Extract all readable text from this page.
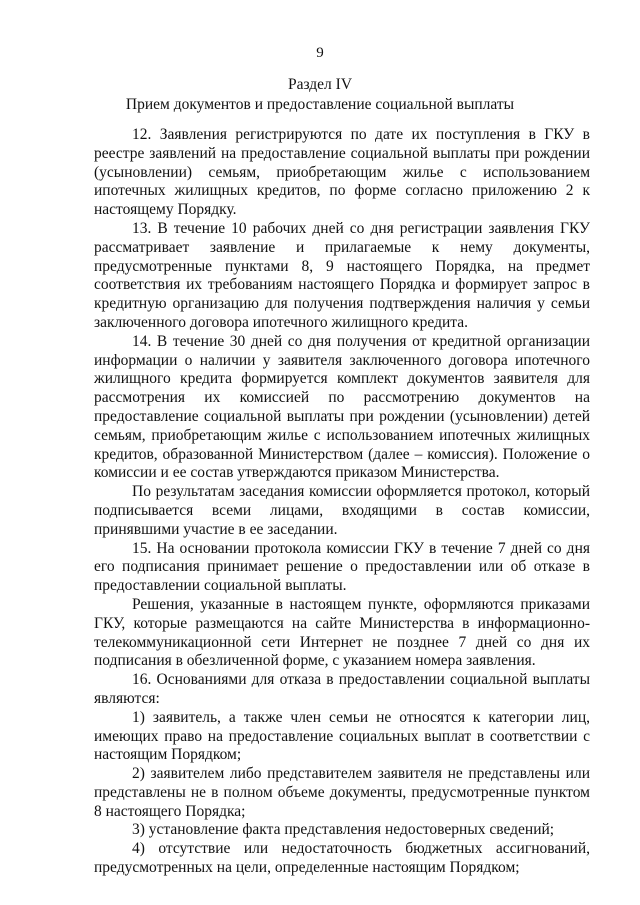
9
Раздел IV
Прием документов и предоставление социальной выплаты

12. Заявления регистрируются по дате их поступления в ГКУ в реестре заявлений на предоставление социальной выплаты при рождении (усыновлении) семьям, приобретающим жилье с использованием ипотечных жилищных кредитов, по форме согласно приложению 2 к настоящему Порядку.

13. В течение 10 рабочих дней со дня регистрации заявления ГКУ рассматривает заявление и прилагаемые к нему документы, предусмотренные пунктами 8, 9 настоящего Порядка, на предмет соответствия их требованиям настоящего Порядка и формирует запрос в кредитную организацию для получения подтверждения наличия у семьи заключенного договора ипотечного жилищного кредита.

14. В течение 30 дней со дня получения от кредитной организации информации о наличии у заявителя заключенного договора ипотечного жилищного кредита формируется комплект документов заявителя для рассмотрения их комиссией по рассмотрению документов на предоставление социальной выплаты при рождении (усыновлении) детей семьям, приобретающим жилье с использованием ипотечных жилищных кредитов, образованной Министерством (далее – комиссия). Положение о комиссии и ее состав утверждаются приказом Министерства.

По результатам заседания комиссии оформляется протокол, который подписывается всеми лицами, входящими в состав комиссии, принявшими участие в ее заседании.

15. На основании протокола комиссии ГКУ в течение 7 дней со дня его подписания принимает решение о предоставлении или об отказе в предоставлении социальной выплаты.

Решения, указанные в настоящем пункте, оформляются приказами ГКУ, которые размещаются на сайте Министерства в информационно-телекоммуникационной сети Интернет не позднее 7 дней со дня их подписания в обезличенной форме, с указанием номера заявления.

16. Основаниями для отказа в предоставлении социальной выплаты являются:

1) заявитель, а также член семьи не относятся к категории лиц, имеющих право на предоставление социальных выплат в соответствии с настоящим Порядком;

2) заявителем либо представителем заявителя не представлены или представлены не в полном объеме документы, предусмотренные пунктом 8 настоящего Порядка;

3) установление факта представления недостоверных сведений;

4) отсутствие или недостаточность бюджетных ассигнований, предусмотренных на цели, определенные настоящим Порядком;
